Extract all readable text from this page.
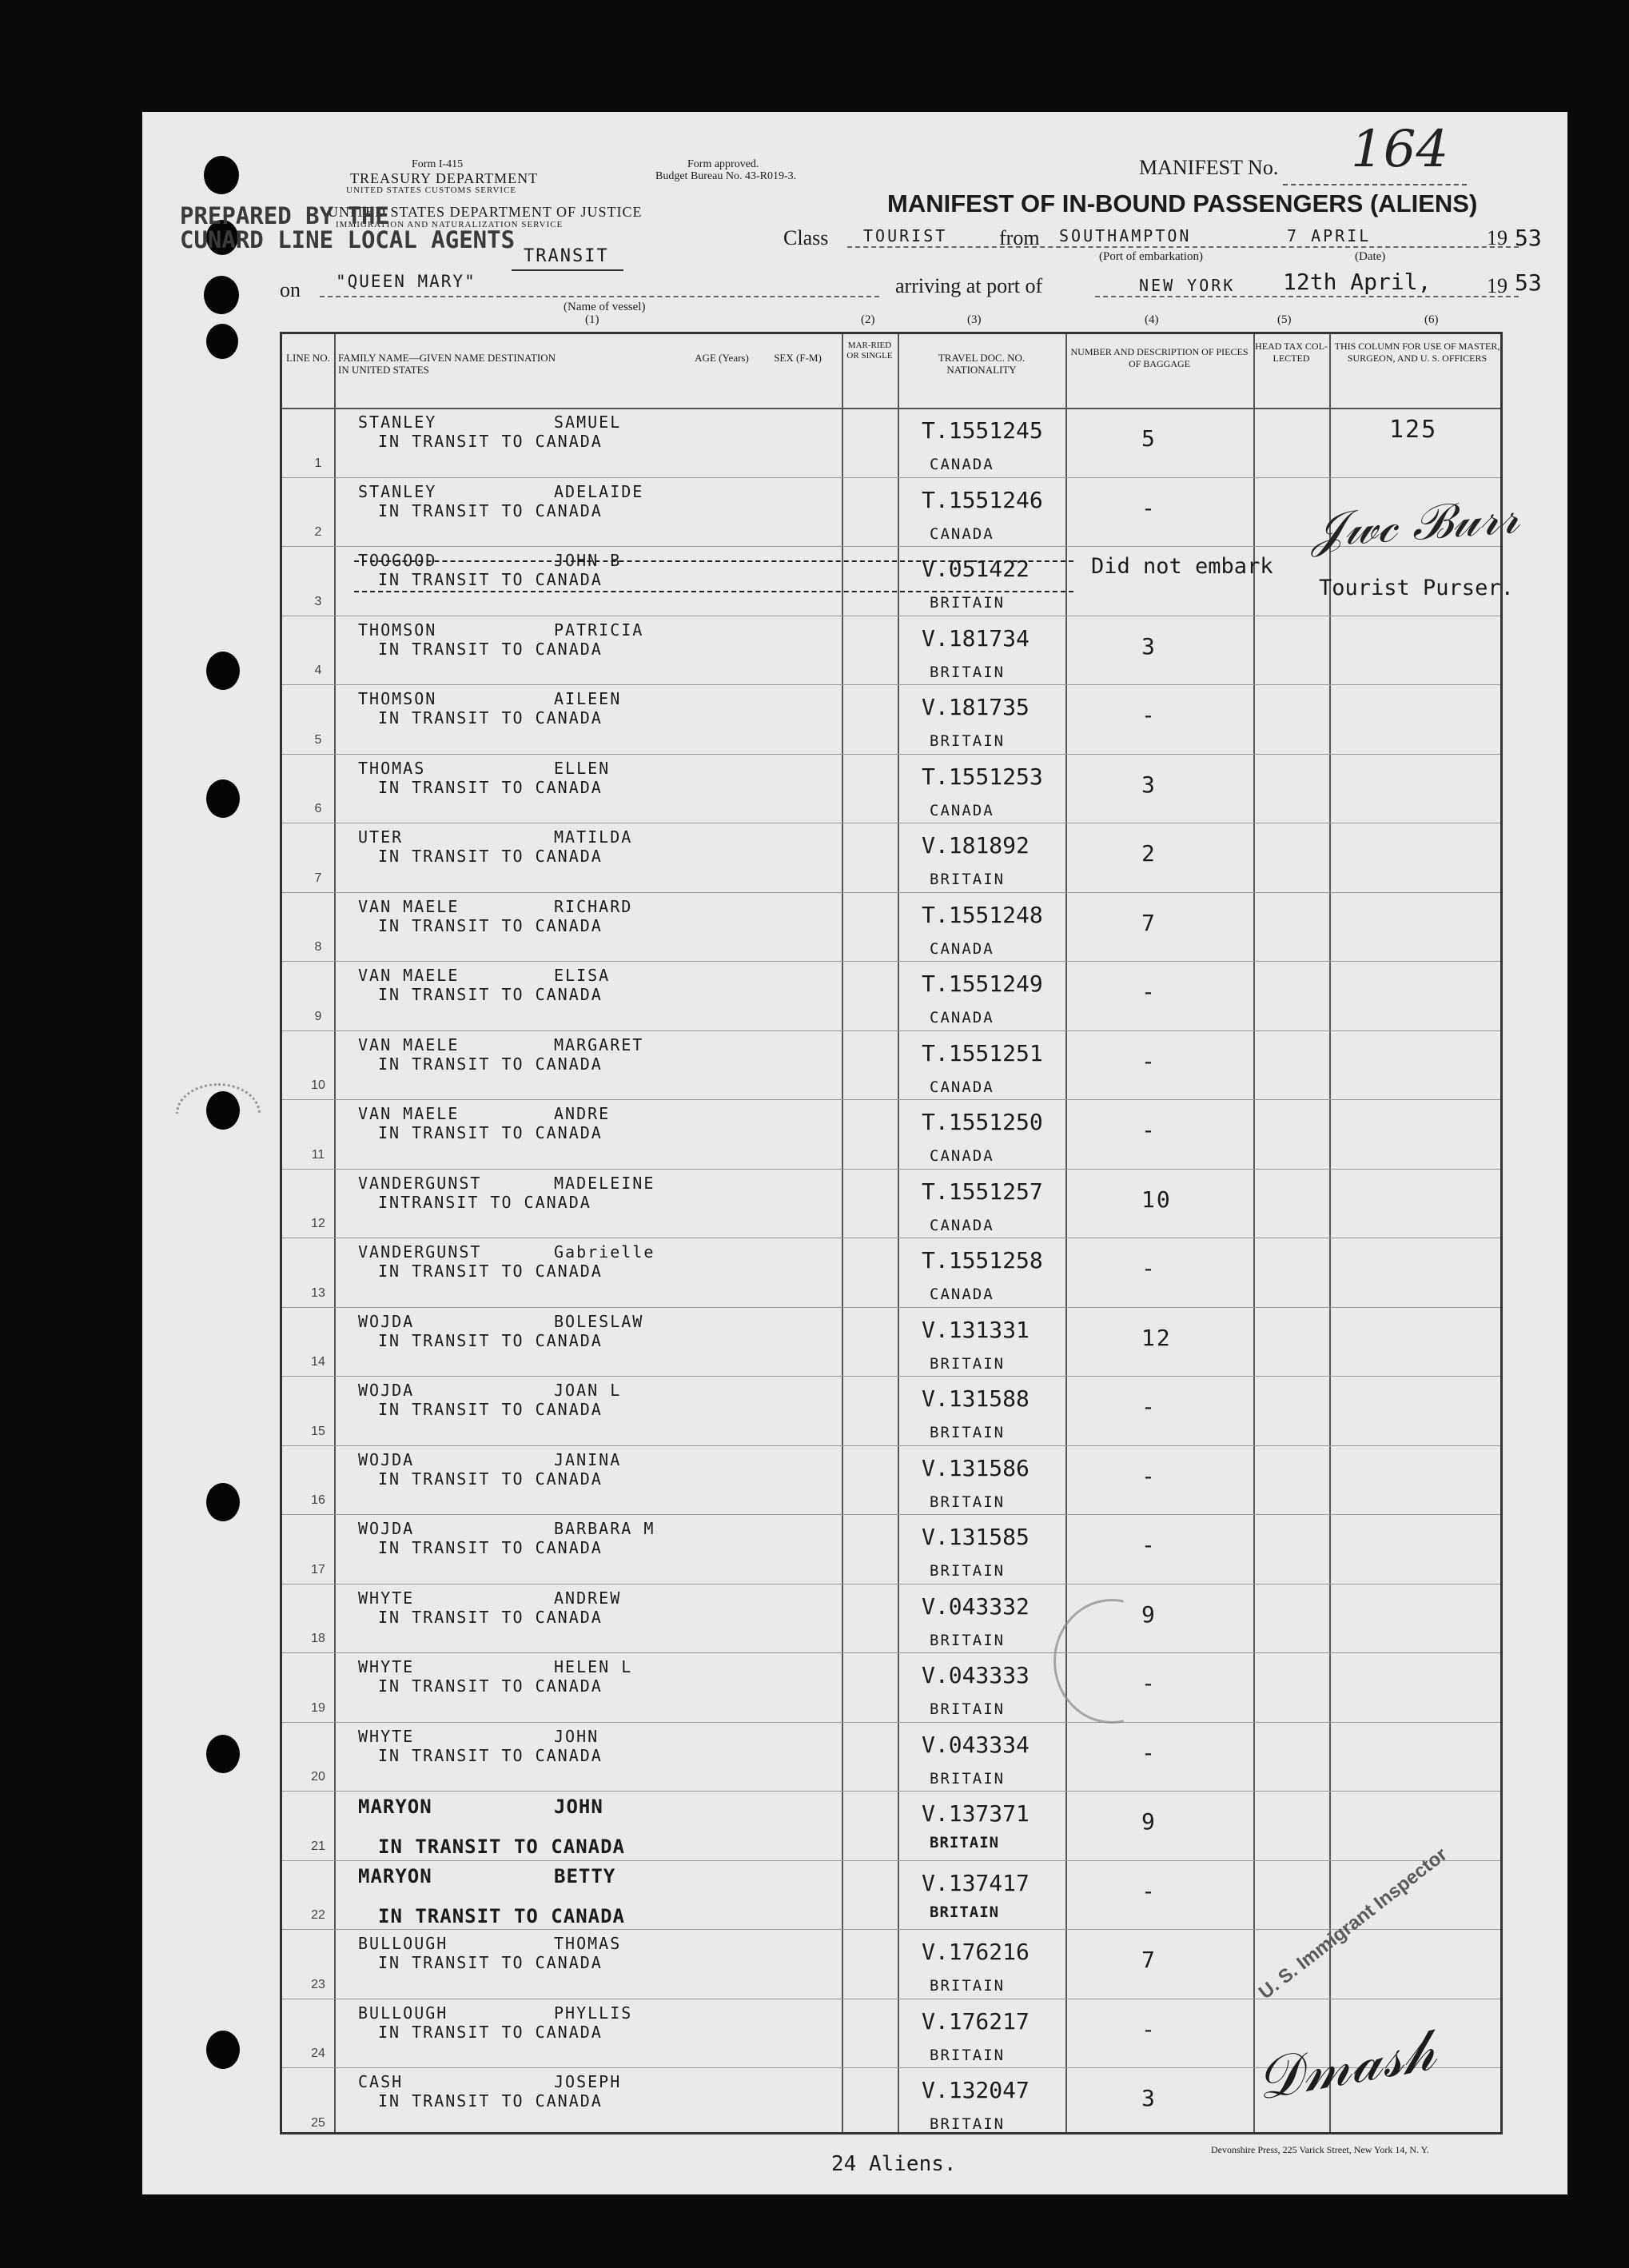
Form I-415
TREASURY DEPARTMENT
UNITED STATES CUSTOMS SERVICE
UNITED STATES DEPARTMENT OF JUSTICE
IMMIGRATION AND NATURALIZATION SERVICE
Form approved.
Budget Bureau No. 43-R019-3.
PREPARED BY THE
CUNARD LINE LOCAL AGENTS
TRANSIT
MANIFEST No. 164
MANIFEST OF IN-BOUND PASSENGERS (ALIENS)
Class TOURIST from SOUTHAMPTON
(Port of embarkation)
7 APRIL
(Date)
19 53
on "QUEEN MARY"
(Name of vessel)
arriving at port of	NEW YORK 12th April,	19 53
(1)	(2)	(3)	(4)	(5)	(6)
LINE NO. FAMILY NAME—GIVEN NAME DESTINATION IN UNITED STATES
AGE (Years)	SEX (F-M)
MAR-RIED OR SINGLE	TRAVEL DOC. NO. NATIONALITY
NUMBER AND DESCRIPTION OF PIECES OF BAGGAGE
HEAD TAX COL-LECTED
THIS COLUMN FOR USE OF MASTER, SURGEON, AND U. S. OFFICERS
1
STANLEY	SAMUEL
IN TRANSIT TO CANADA	T.1551245
CANADA
5	125
2
STANLEY	ADELAIDE
IN TRANSIT TO CANADA	T.1551246
CANADA
-
3
TOOGOOD	JOHN B
IN TRANSIT TO CANADA	V.051422
BRITAIN
4
THOMSON	PATRICIA
IN TRANSIT TO CANADA	V.181734
BRITAIN
3
5
THOMSON	AILEEN
IN TRANSIT TO CANADA	V.181735
BRITAIN
-
6
THOMAS	ELLEN
IN TRANSIT TO CANADA	T.1551253
CANADA
3
7
UTER	MATILDA
IN TRANSIT TO CANADA	V.181892
BRITAIN
2
8
VAN MAELE	RICHARD
IN TRANSIT TO CANADA	T.1551248
CANADA
7
9
VAN MAELE	ELISA
IN TRANSIT TO CANADA	T.1551249
CANADA
-
10
VAN MAELE	MARGARET
IN TRANSIT TO CANADA	T.1551251
CANADA
-
11
VAN MAELE	ANDRE
IN TRANSIT TO CANADA	T.1551250
CANADA
-
12
VANDERGUNST	MADELEINE
INTRANSIT TO CANADA	T.1551257
CANADA
10
13
VANDERGUNST	Gabrielle
IN TRANSIT TO CANADA	T.1551258
CANADA
-
14
WOJDA	BOLESLAW
IN TRANSIT TO CANADA	V.131331
BRITAIN
12
15
WOJDA	JOAN L
IN TRANSIT TO CANADA	V.131588
BRITAIN
-
16
WOJDA	JANINA
IN TRANSIT TO CANADA	V.131586
BRITAIN
-
17
WOJDA	BARBARA M
IN TRANSIT TO CANADA	V.131585
BRITAIN
-
18
WHYTE	ANDREW
IN TRANSIT TO CANADA	V.043332
BRITAIN
9
19
WHYTE	HELEN L
IN TRANSIT TO CANADA	V.043333
BRITAIN
-
20
WHYTE	JOHN
IN TRANSIT TO CANADA	V.043334
BRITAIN
-
21
MARYON	JOHN
IN TRANSIT TO CANADA
V.137371
BRITAIN
9
22
MARYON	BETTY
IN TRANSIT TO CANADA
V.137417
BRITAIN
-
23
BULLOUGH	THOMAS
IN TRANSIT TO CANADA	V.176216
BRITAIN
7
24
BULLOUGH	PHYLLIS
IN TRANSIT TO CANADA	V.176217
BRITAIN
-
25
CASH	JOSEPH
IN TRANSIT TO CANADA	V.132047
BRITAIN
3
Did not embark
Tourist Purser.
𝒥𝓌𝒸 ℬ𝓊𝓇𝓇
U. S. Immigrant Inspector
𝒟𝓂𝒶𝓈𝒽
24 Aliens.
Devonshire Press, 225 Varick Street, New York 14, N. Y.
